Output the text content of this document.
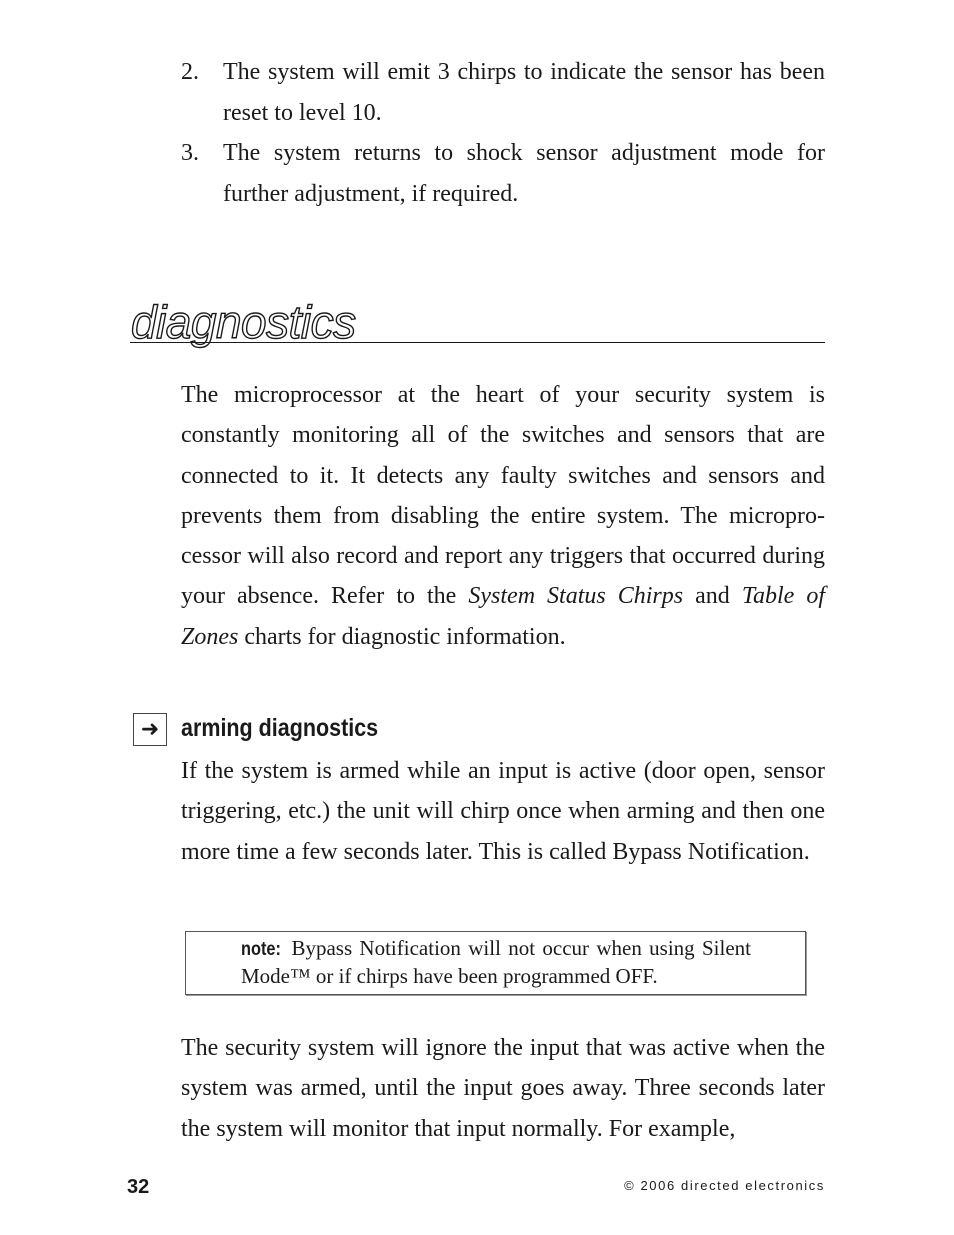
2. The system will emit 3 chirps to indicate the sensor has been reset to level 10.
3. The system returns to shock sensor adjustment mode for further adjustment, if required.
diagnostics

The microprocessor at the heart of your security system is constantly monitoring all of the switches and sensors that are connected to it. It detects any faulty switches and sensors and prevents them from disabling the entire system. The microprocessor will also record and report any triggers that occurred during your absence. Refer to the System Status Chirps and Table of Zones charts for diagnostic information.

➜ arming diagnostics

If the system is armed while an input is active (door open, sensor triggering, etc.) the unit will chirp once when arming and then one more time a few seconds later. This is called Bypass Notification.

note: Bypass Notification will not occur when using Silent Mode™ or if chirps have been programmed OFF.

The security system will ignore the input that was active when the system was armed, until the input goes away. Three seconds later the system will monitor that input normally. For example,

32	© 2006 directed electronics
